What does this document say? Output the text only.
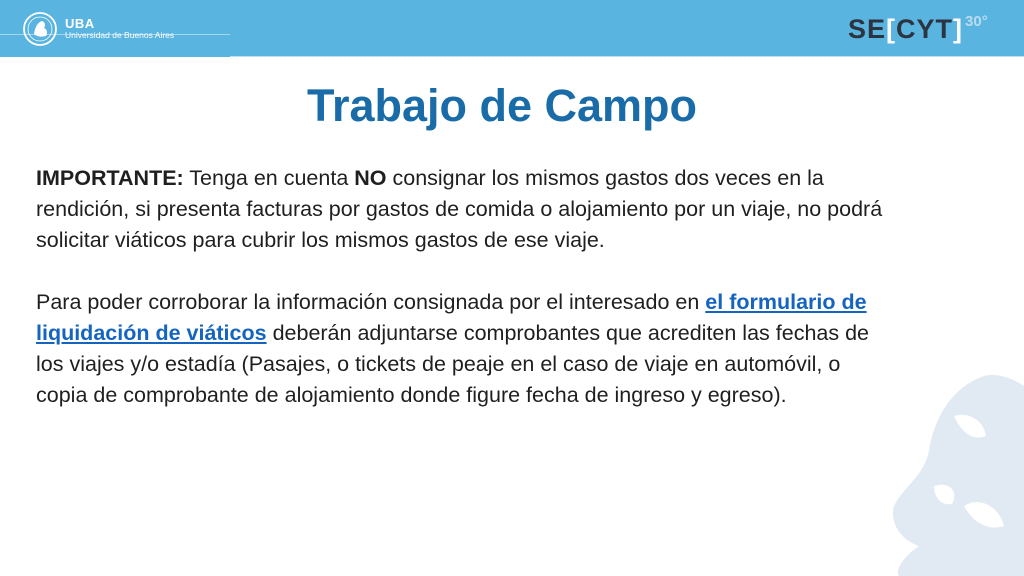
UBA
Universidad de Buenos Aires	SE[CYT] 30°
Trabajo de Campo

IMPORTANTE: Tenga en cuenta NO consignar los mismos gastos dos veces en la rendición, si presenta facturas por gastos de comida o alojamiento por un viaje, no podrá solicitar viáticos para cubrir los mismos gastos de ese viaje.

Para poder corroborar la información consignada por el interesado en el formulario de liquidación de viáticos deberán adjuntarse comprobantes que acrediten las fechas de los viajes y/o estadía (Pasajes, o tickets de peaje en el caso de viaje en automóvil, o copia de comprobante de alojamiento donde figure fecha de ingreso y egreso).
